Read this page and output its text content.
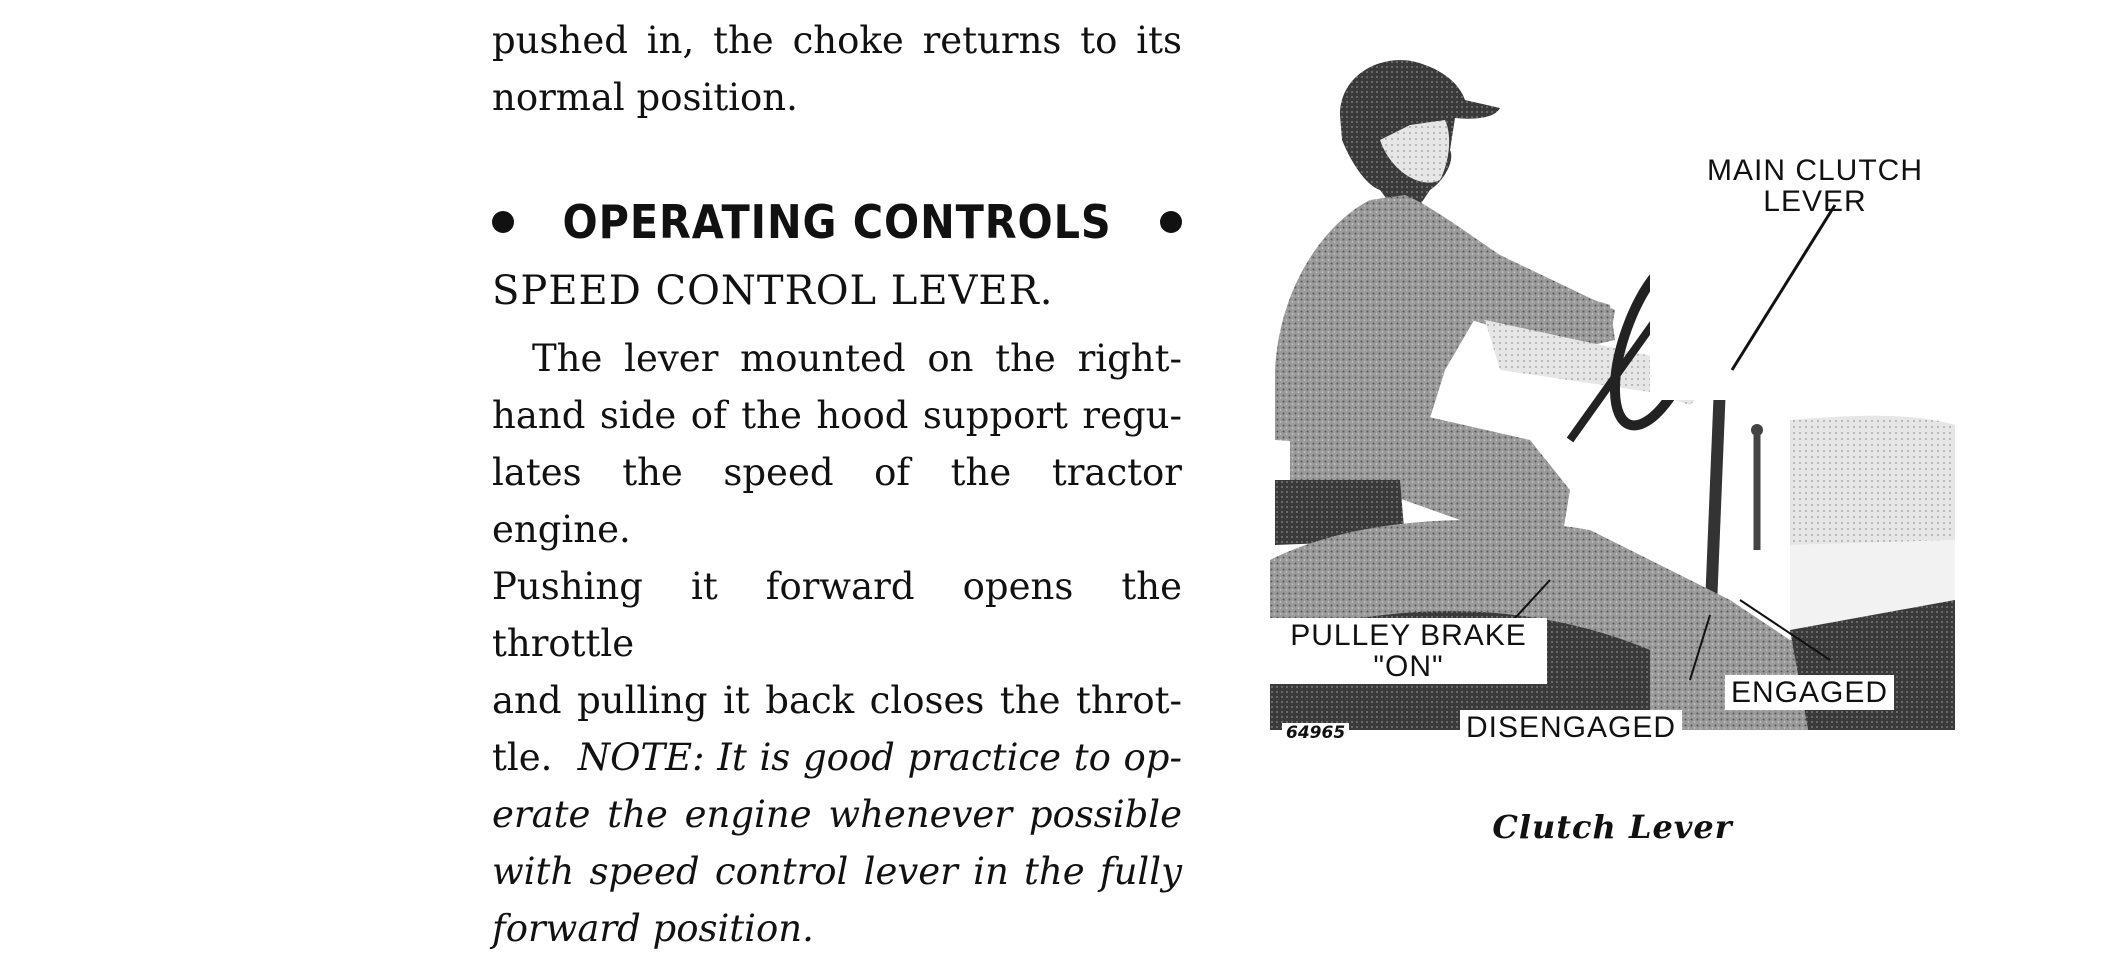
pushed in, the choke returns to its

normal position.

OPERATING CONTROLS
SPEED CONTROL LEVER.

The lever mounted on the right-

hand side of the hood support regu-

lates the speed of the tractor engine.

Pushing it forward opens the throttle

and pulling it back closes the throt-

tle. NOTE: It is good practice to op-

erate the engine whenever possible

with speed control lever in the fully

forward position.

MAIN CLUTCH
LEVER
PULLEY BRAKE
"ON"
DISENGAGED
ENGAGED
64965
Clutch Lever
